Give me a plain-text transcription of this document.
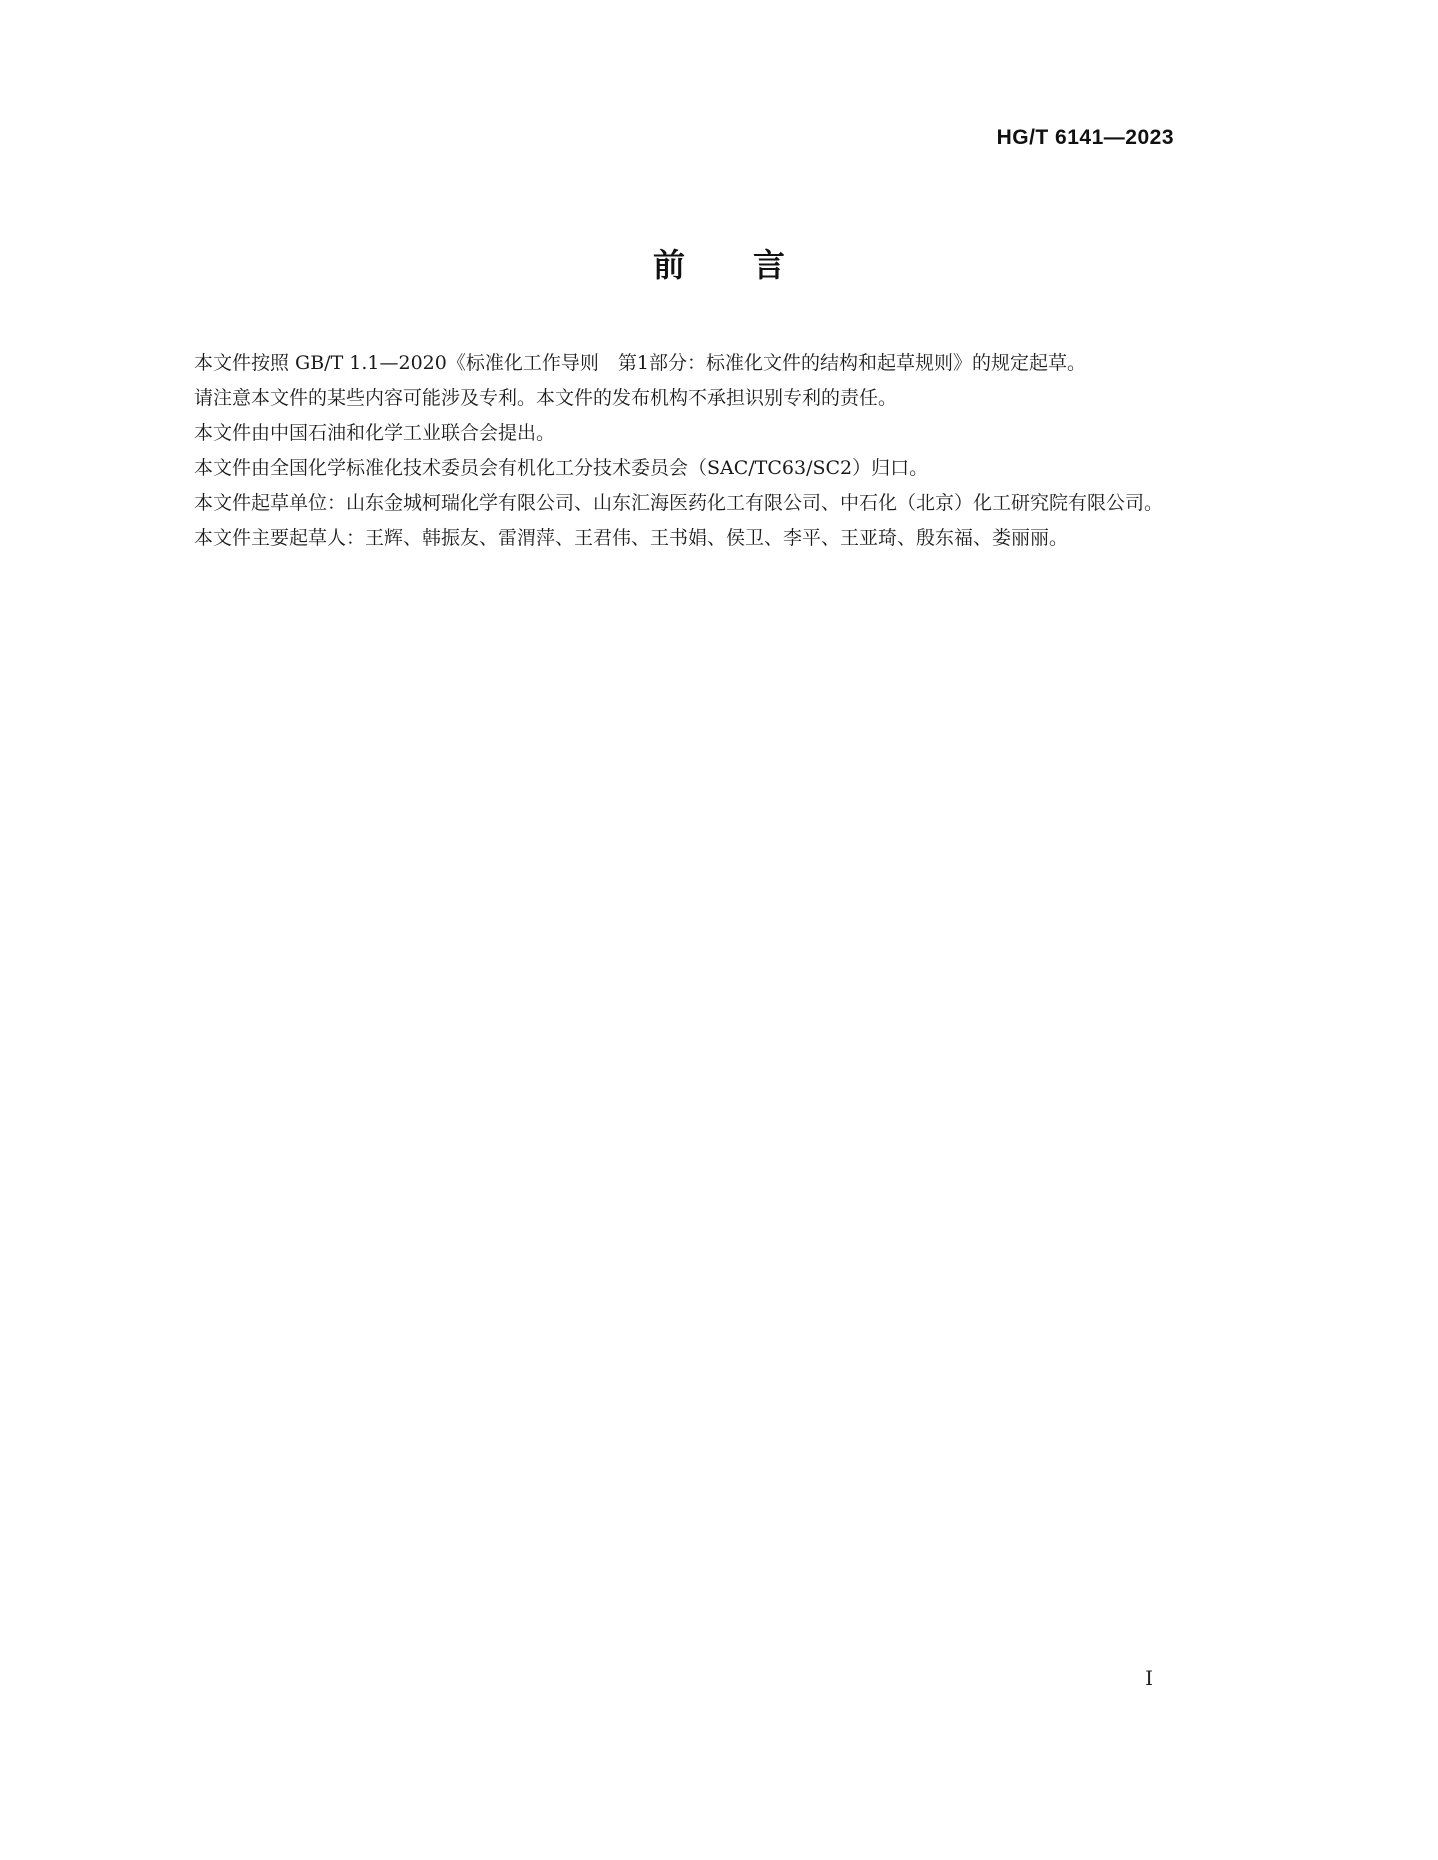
HG/T 6141—2023
前 言

本文件按照 GB/T 1.1—2020《标准化工作导则　第1部分：标准化文件的结构和起草规则》的规定起草。

请注意本文件的某些内容可能涉及专利。本文件的发布机构不承担识别专利的责任。

本文件由中国石油和化学工业联合会提出。

本文件由全国化学标准化技术委员会有机化工分技术委员会（SAC/TC63/SC2）归口。

本文件起草单位：山东金城柯瑞化学有限公司、山东汇海医药化工有限公司、中石化（北京）化工研究院有限公司。

本文件主要起草人：王辉、韩振友、雷渭萍、王君伟、王书娟、侯卫、李平、王亚琦、殷东福、娄丽丽。

I
